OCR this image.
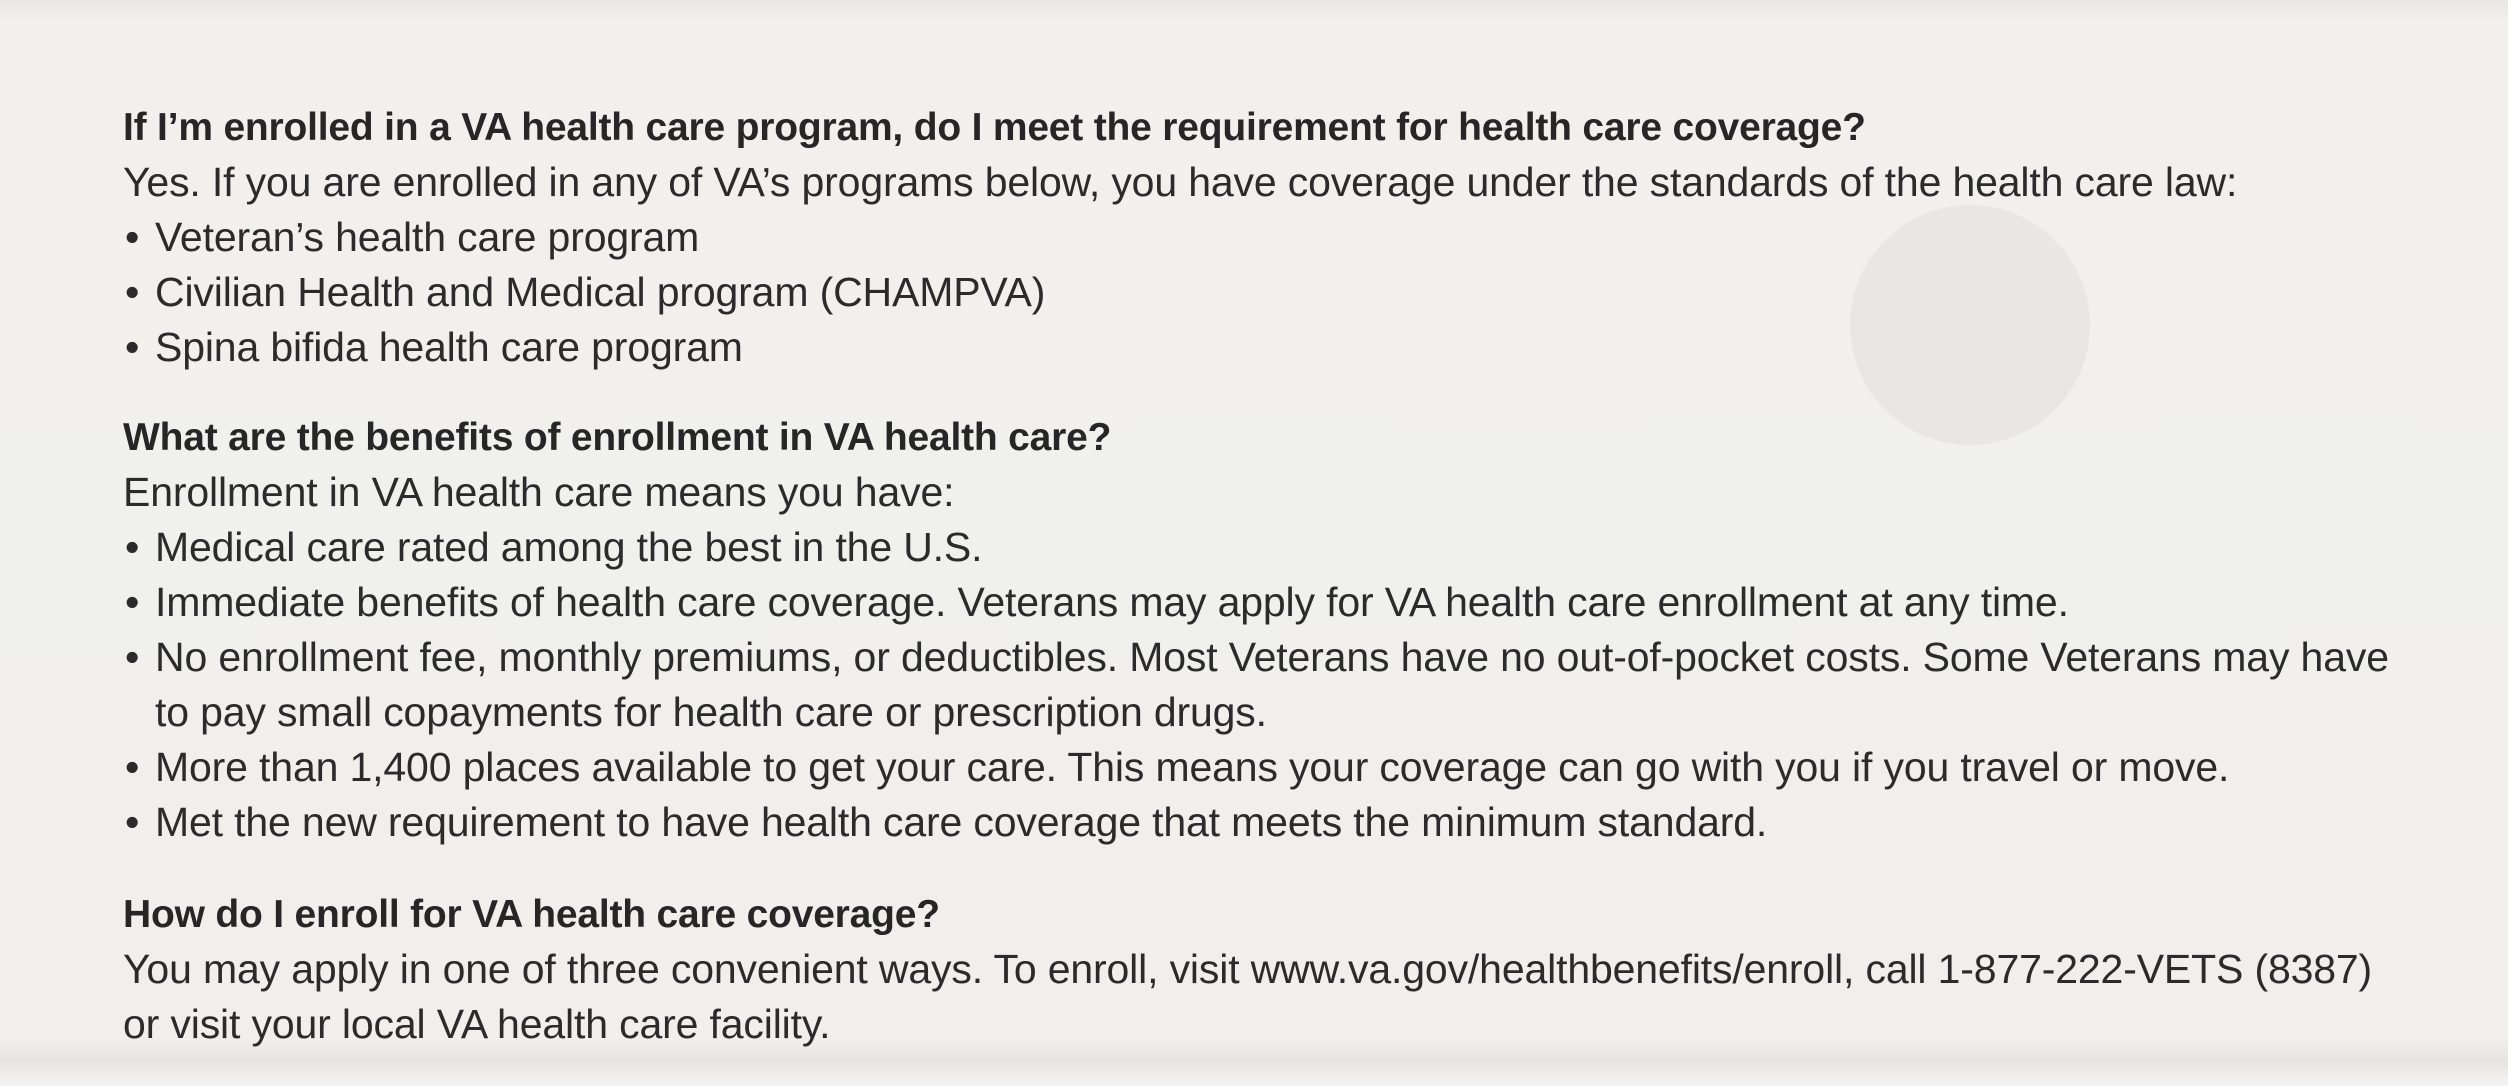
If I’m enrolled in a VA health care program, do I meet the requirement for health care coverage?

Yes. If you are enrolled in any of VA’s programs below, you have coverage under the standards of the health care law:

• Veteran’s health care program
• Civilian Health and Medical program (CHAMPVA)
• Spina bifida health care program

What are the benefits of enrollment in VA health care?

Enrollment in VA health care means you have:

• Medical care rated among the best in the U.S.
• Immediate benefits of health care coverage. Veterans may apply for VA health care enrollment at any time.
• No enrollment fee, monthly premiums, or deductibles. Most Veterans have no out-of-pocket costs. Some Veterans may have to pay small copayments for health care or prescription drugs.
• More than 1,400 places available to get your care. This means your coverage can go with you if you travel or move.
• Met the new requirement to have health care coverage that meets the minimum standard.

How do I enroll for VA health care coverage?

You may apply in one of three convenient ways. To enroll, visit www.va.gov/healthbenefits/enroll, call 1-877-222-VETS (8387) or visit your local VA health care facility.
